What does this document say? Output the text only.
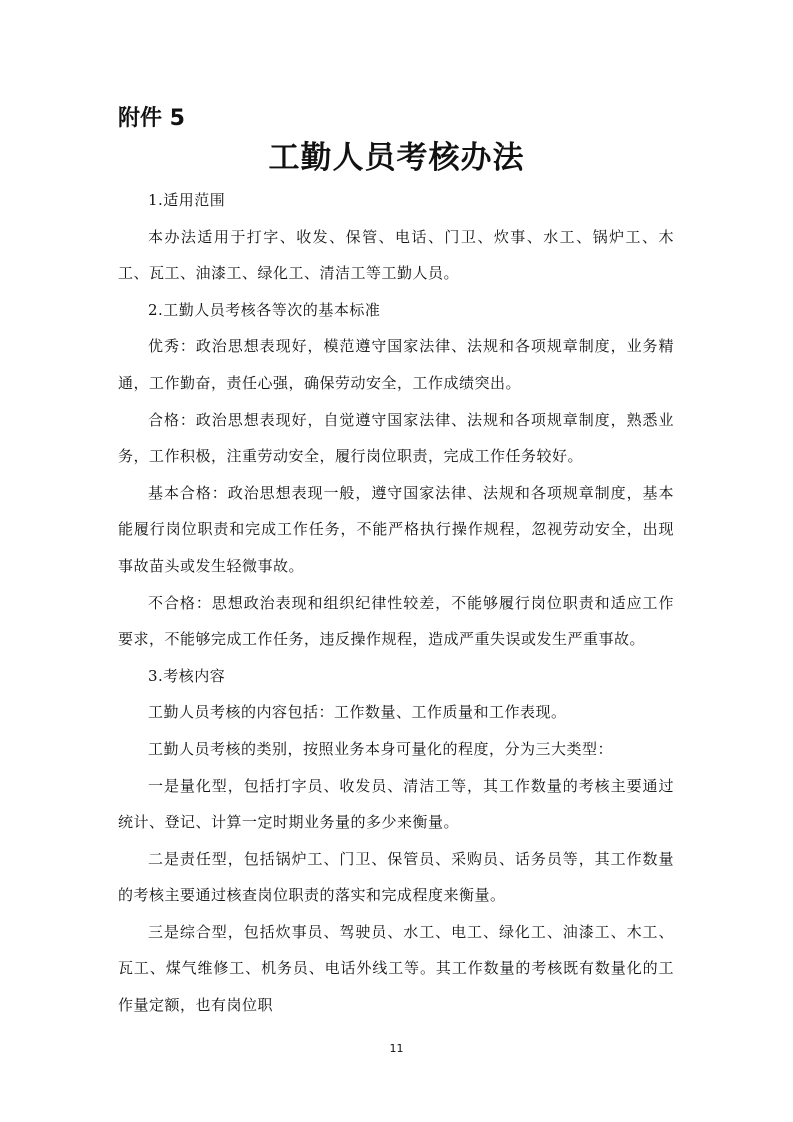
附件 5
工勤人员考核办法

1.适用范围

本办法适用于打字、收发、保管、电话、门卫、炊事、水工、锅炉工、木工、瓦工、油漆工、绿化工、清洁工等工勤人员。

2.工勤人员考核各等次的基本标准

优秀：政治思想表现好，模范遵守国家法律、法规和各项规章制度，业务精通，工作勤奋，责任心强，确保劳动安全，工作成绩突出。

合格：政治思想表现好，自觉遵守国家法律、法规和各项规章制度，熟悉业务，工作积极，注重劳动安全，履行岗位职责，完成工作任务较好。

基本合格：政治思想表现一般，遵守国家法律、法规和各项规章制度，基本能履行岗位职责和完成工作任务，不能严格执行操作规程，忽视劳动安全，出现事故苗头或发生轻微事故。

不合格：思想政治表现和组织纪律性较差，不能够履行岗位职责和适应工作要求，不能够完成工作任务，违反操作规程，造成严重失误或发生严重事故。

3.考核内容

工勤人员考核的内容包括：工作数量、工作质量和工作表现。

工勤人员考核的类别，按照业务本身可量化的程度，分为三大类型：

一是量化型，包括打字员、收发员、清洁工等，其工作数量的考核主要通过统计、登记、计算一定时期业务量的多少来衡量。

二是责任型，包括锅炉工、门卫、保管员、采购员、话务员等，其工作数量的考核主要通过核查岗位职责的落实和完成程度来衡量。

三是综合型，包括炊事员、驾驶员、水工、电工、绿化工、油漆工、木工、瓦工、煤气维修工、机务员、电话外线工等。其工作数量的考核既有数量化的工作量定额，也有岗位职

11
